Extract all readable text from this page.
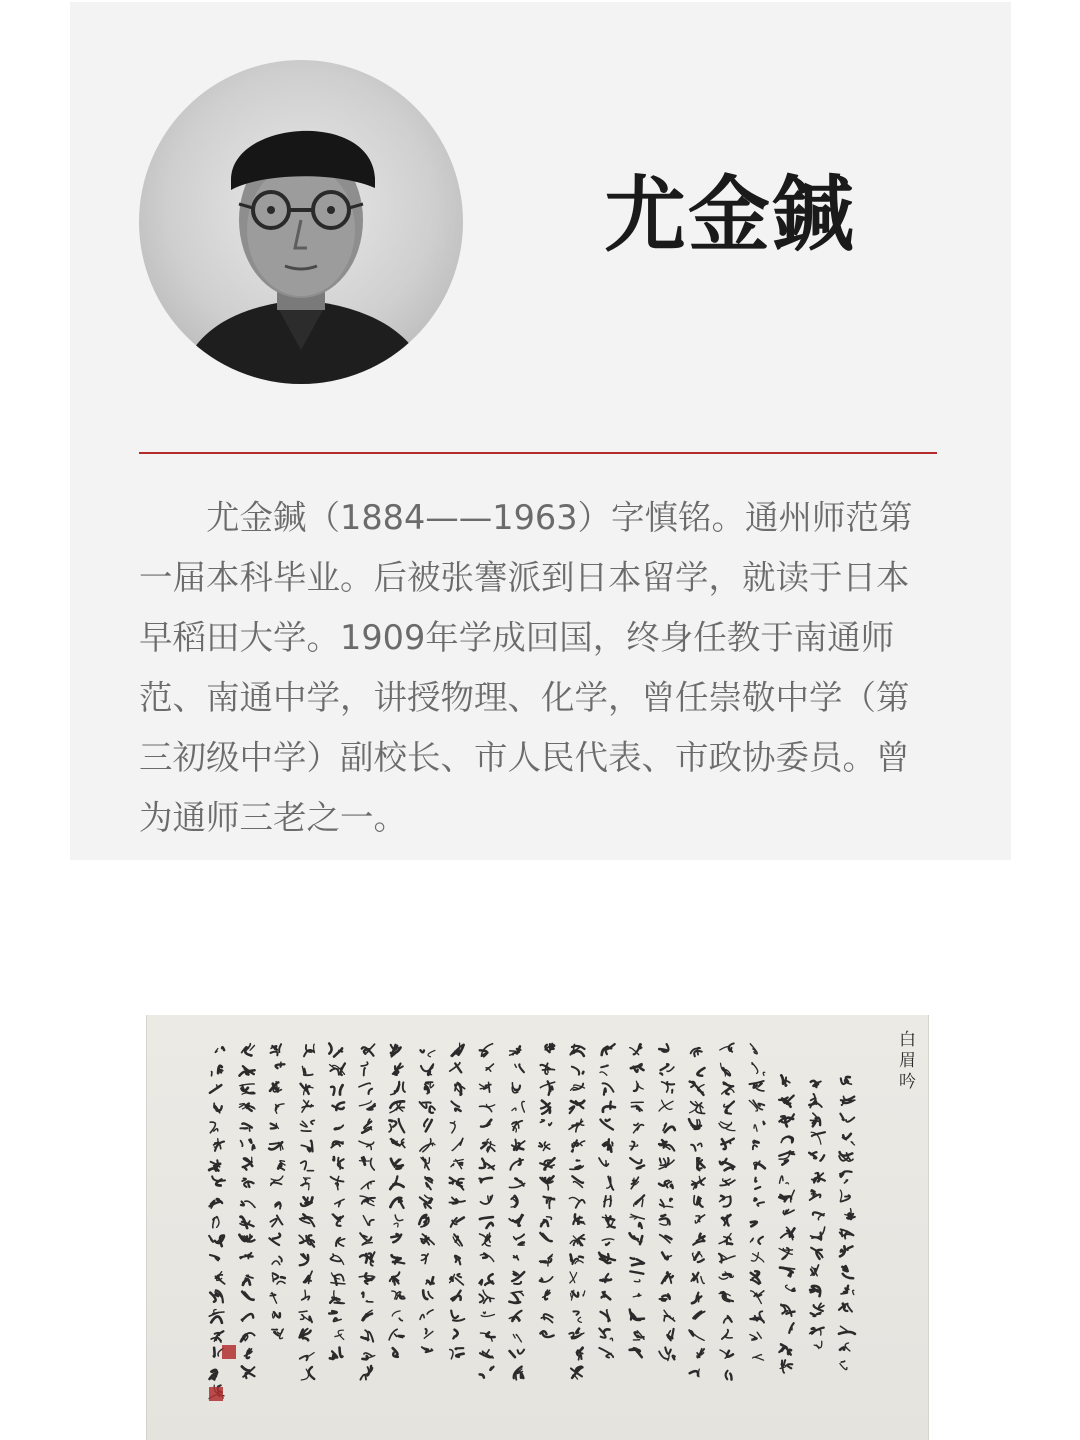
尤金鍼

尤金鍼（1884——1963）字慎铭。通州师范第一届本科毕业。后被张謇派到日本留学，就读于日本早稻田大学。1909年学成回国，终身任教于南通师范、南通中学，讲授物理、化学，曾任崇敬中学（第三初级中学）副校长、市人民代表、市政协委员。曾为通师三老之一。

白眉吟
